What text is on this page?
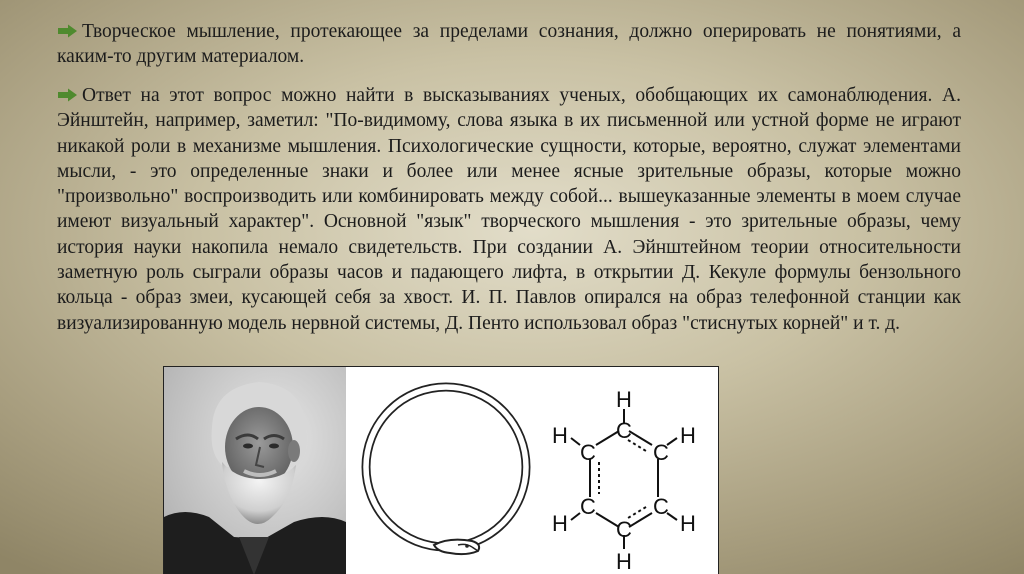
Творческое мышление, протекающее за пределами сознания, должно оперировать не понятиями, а каким-то другим материалом.
Ответ на этот вопрос можно найти в высказываниях ученых, обобщающих их самонаблюдения. А. Эйнштейн, например, заметил: "По-видимому, слова языка в их письменной или устной форме не играют никакой роли в механизме мышления. Психологические сущности, которые, вероятно, служат элементами мысли, - это определенные знаки и более или менее ясные зрительные образы, которые можно "произвольно" воспроизводить или комбинировать между собой... вышеуказанные элементы в моем случае имеют визуальный характер". Основной "язык" творческого мышления - это зрительные образы, чему история науки накопила немало свидетельств. При создании А. Эйнштейном теории относительности заметную роль сыграли образы часов и падающего лифта, в открытии Д. Кекуле формулы бензольного кольца - образ змеи, кусающей себя за хвост. И. П. Павлов опирался на образ телефонной станции как визуализированную модель нервной системы, Д. Пенто использовал образ "стиснутых корней" и т. д.
H
C
H
C	C
H
H
C	C
H
C
H
